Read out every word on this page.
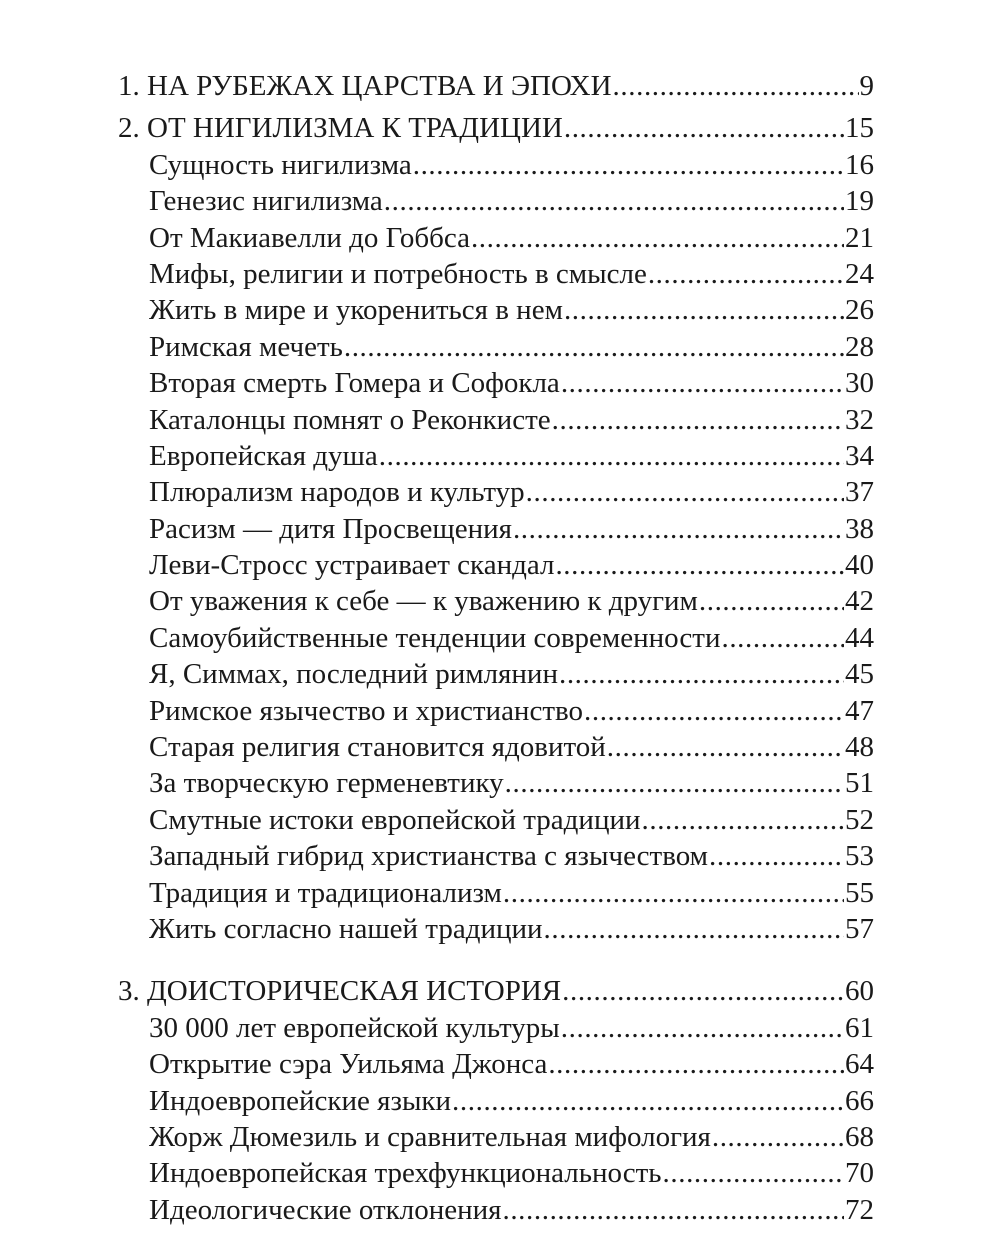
1. НА РУБЕЖАХ ЦАРСТВА И ЭПОХИ .....	9
2. ОТ НИГИЛИЗМА К ТРАДИЦИИ .....	15
Сущность нигилизма .....	16
Генезис нигилизма .....	19
От Макиавелли до Гоббса .....	21
Мифы, религии и потребность в смысле .....	24
Жить в мире и укорениться в нем .....	26
Римская мечеть .....	28
Вторая смерть Гомера и Софокла .....	30
Каталонцы помнят о Реконкисте .....	32
Европейская душа .....	34
Плюрализм народов и культур .....	37
Расизм — дитя Просвещения .....	38
Леви-Стросс устраивает скандал .....	40
От уважения к себе — к уважению к другим .....	42
Самоубийственные тенденции современности .....	44
Я, Симмах, последний римлянин .....	45
Римское язычество и христианство .....	47
Старая религия становится ядовитой .....	48
За творческую герменевтику .....	51
Смутные истоки европейской традиции .....	52
Западный гибрид христианства с язычеством .....	53
Традиция и традиционализм .....	55
Жить согласно нашей традиции .....	57
3. ДОИСТОРИЧЕСКАЯ ИСТОРИЯ .....	60
30 000 лет европейской культуры .....	61
Открытие сэра Уильяма Джонса .....	64
Индоевропейские языки .....	66
Жорж Дюмезиль и сравнительная мифология .....	68
Индоевропейская трехфункциональность .....	70
Идеологические отклонения .....	72
